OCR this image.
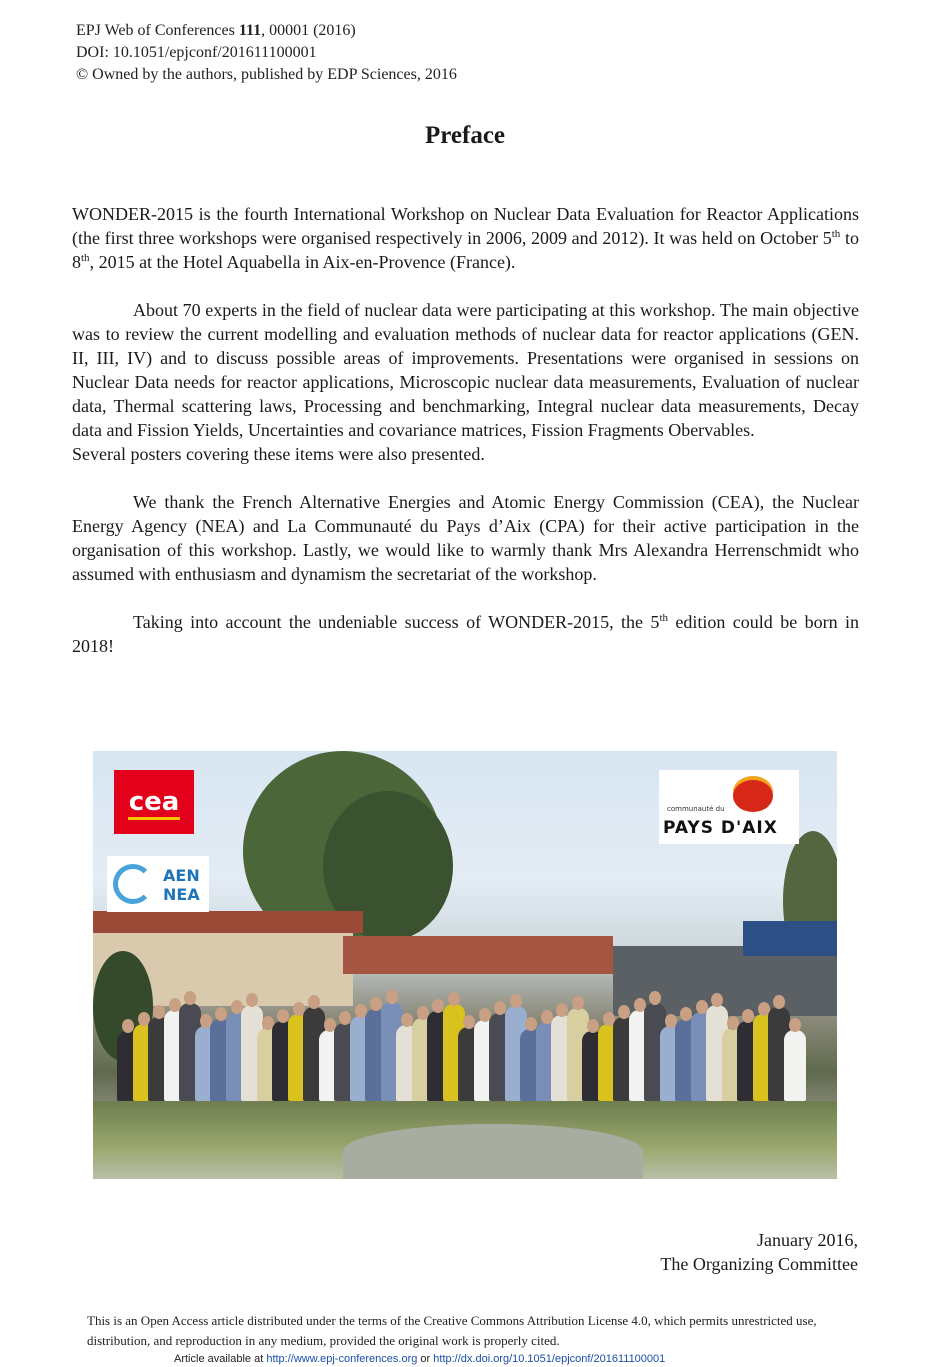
EPJ Web of Conferences 111, 00001 (2016)
DOI: 10.1051/epjconf/201611100001
© Owned by the authors, published by EDP Sciences, 2016
Preface

WONDER-2015 is the fourth International Workshop on Nuclear Data Evaluation for Reactor Applications (the first three workshops were organised respectively in 2006, 2009 and 2012). It was held on October 5th to 8th, 2015 at the Hotel Aquabella in Aix-en-Provence (France).

About 70 experts in the field of nuclear data were participating at this workshop. The main objective was to review the current modelling and evaluation methods of nuclear data for reactor applications (GEN. II, III, IV) and to discuss possible areas of improvements. Presentations were organised in sessions on Nuclear Data needs for reactor applications, Microscopic nuclear data measurements, Evaluation of nuclear data, Thermal scattering laws, Processing and benchmarking, Integral nuclear data measurements, Decay data and Fission Yields, Uncertainties and covariance matrices, Fission Fragments Obervables.
Several posters covering these items were also presented.

We thank the French Alternative Energies and Atomic Energy Commission (CEA), the Nuclear Energy Agency (NEA) and La Communauté du Pays d’Aix (CPA) for their active participation in the organisation of this workshop. Lastly, we would like to warmly thank Mrs Alexandra Herrenschmidt who assumed with enthusiasm and dynamism the secretariat of the workshop.

Taking into account the undeniable success of WONDER-2015, the 5th edition could be born in 2018!

cea
AEN
NEA
communauté du
PAYS D'AIX
January 2016,
The Organizing Committee
This is an Open Access article distributed under the terms of the Creative Commons Attribution License 4.0, which permits unrestricted use, distribution, and reproduction in any medium, provided the original work is properly cited.
Article available at http://www.epj-conferences.org or http://dx.doi.org/10.1051/epjconf/201611100001
